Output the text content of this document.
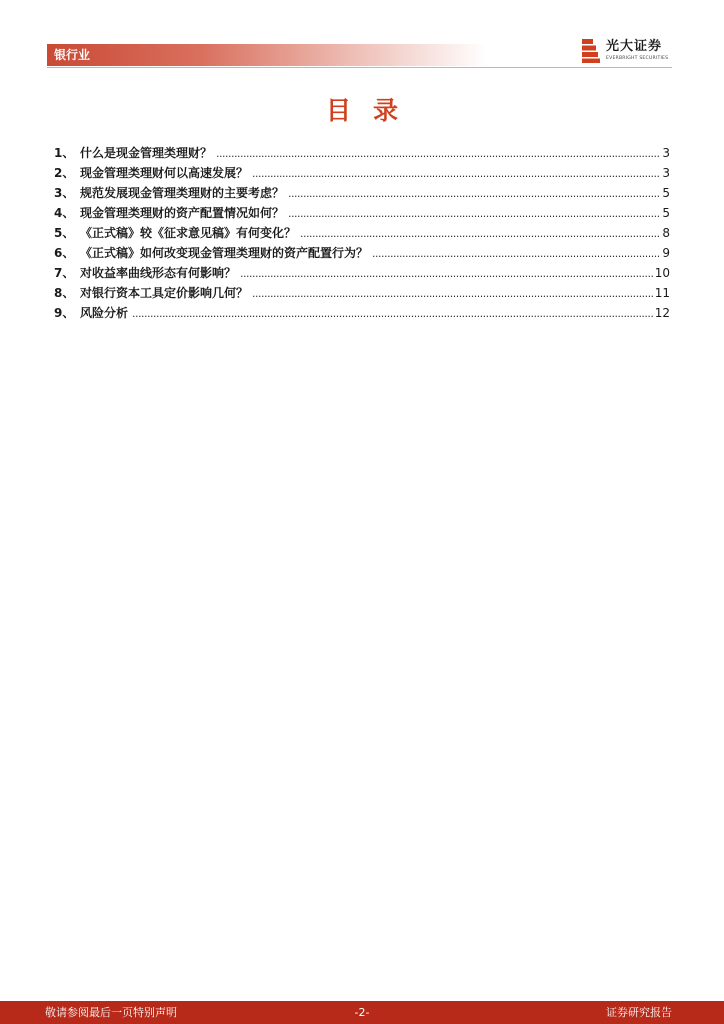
银行业
光大证券
EVERBRIGHT SECURITIES
目录
1、 什么是现金管理类理财？ .....	3
2、 现金管理类理财何以高速发展？ .....	3
3、 规范发展现金管理类理财的主要考虑？ .....	5
4、 现金管理类理财的资产配置情况如何？ .....	5
5、 《正式稿》较《征求意见稿》有何变化？ .....	8
6、 《正式稿》如何改变现金管理类理财的资产配置行为？ .....	9
7、 对收益率曲线形态有何影响？ .....	10
8、 对银行资本工具定价影响几何？ .....	11
9、 风险分析 .....	12
敬请参阅最后一页特别声明	-2-	证券研究报告
